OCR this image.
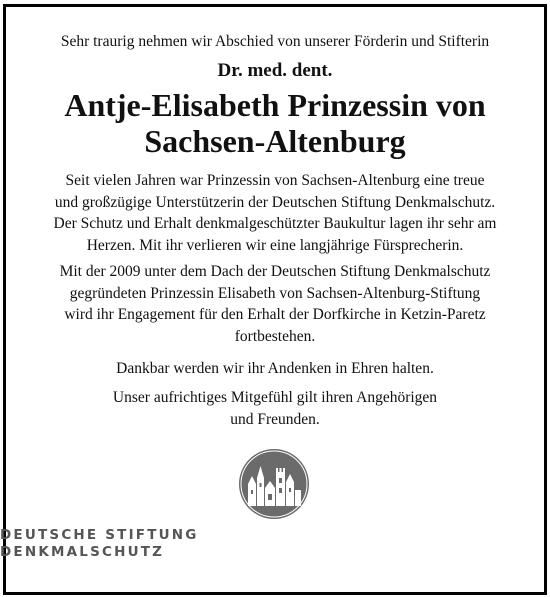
Sehr traurig nehmen wir Abschied von unserer Förderin und Stifterin
Dr. med. dent.
Antje-Elisabeth Prinzessin von
Sachsen-Altenburg
Seit vielen Jahren war Prinzessin von Sachsen-Altenburg eine treue
und großzügige Unterstützerin der Deutschen Stiftung Denkmalschutz.
Der Schutz und Erhalt denkmalgeschützter Baukultur lagen ihr sehr am
Herzen. Mit ihr verlieren wir eine langjährige Fürsprecherin.
Mit der 2009 unter dem Dach der Deutschen Stiftung Denkmalschutz
gegründeten Prinzessin Elisabeth von Sachsen-Altenburg-Stiftung
wird ihr Engagement für den Erhalt der Dorfkirche in Ketzin-Paretz
fortbestehen.
Dankbar werden wir ihr Andenken in Ehren halten.
Unser aufrichtiges Mitgefühl gilt ihren Angehörigen
und Freunden.
DEUTSCHE STIFTUNG
DENKMALSCHUTZ
